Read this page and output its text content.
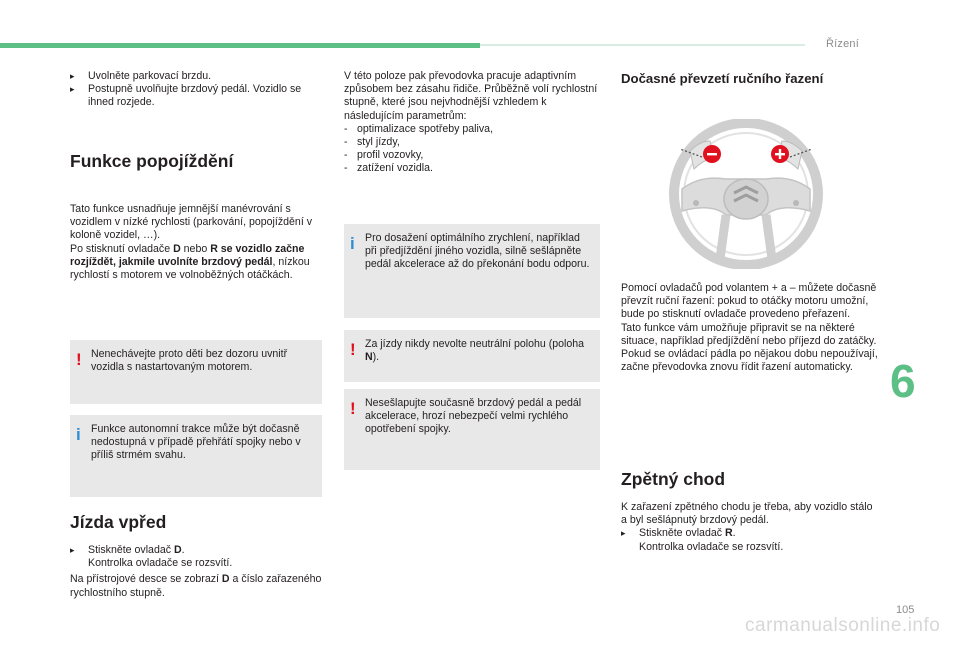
Řízení
6
105
carmanualsonline.info

▸ Uvolněte parkovací brzdu.

▸ Postupně uvolňujte brzdový pedál. Vozidlo se ihned rozjede.

Funkce popojíždění

Tato funkce usnadňuje jemnější manévrování s vozidlem v nízké rychlosti (parkování, popojíždění v koloně vozidel, …).

Po stisknutí ovladače D nebo R se vozidlo začne rozjíždět, jakmile uvolníte brzdový pedál, nízkou rychlostí s motorem ve volnoběžných otáčkách.

! Nenechávejte proto děti bez dozoru uvnitř vozidla s nastartovaným motorem.

i Funkce autonomní trakce může být dočasně nedostupná v případě přehřátí spojky nebo v příliš strmém svahu.

Jízda vpřed

▸ Stiskněte ovladač D.
Kontrolka ovladače se rozsvítí.

Na přístrojové desce se zobrazí D a číslo zařazeného rychlostního stupně.

V této poloze pak převodovka pracuje adaptivním způsobem bez zásahu řidiče. Průběžně volí rychlostní stupně, které jsou nejvhodnější vzhledem k následujícím parametrům:

- optimalizace spotřeby paliva,

- styl jízdy,

- profil vozovky,

- zatížení vozidla.

i Pro dosažení optimálního zrychlení, například při předjíždění jiného vozidla, silně sešlápněte pedál akcelerace až do překonání bodu odporu.

! Za jízdy nikdy nevolte neutrální polohu (poloha N).

! Nesešlapujte současně brzdový pedál a pedál akcelerace, hrozí nebezpečí velmi rychlého opotřebení spojky.

Dočasné převzetí ručního řazení

Pomocí ovladačů pod volantem + a – můžete dočasně převzít ruční řazení: pokud to otáčky motoru umožní, bude po stisknutí ovladače provedeno přeřazení.
Tato funkce vám umožňuje připravit se na některé situace, například předjíždění nebo příjezd do zatáčky.
Pokud se ovládací pádla po nějakou dobu nepoužívají, začne převodovka znovu řídit řazení automaticky.

Zpětný chod

K zařazení zpětného chodu je třeba, aby vozidlo stálo a byl sešlápnutý brzdový pedál.

▸ Stiskněte ovladač R.
Kontrolka ovladače se rozsvítí.
